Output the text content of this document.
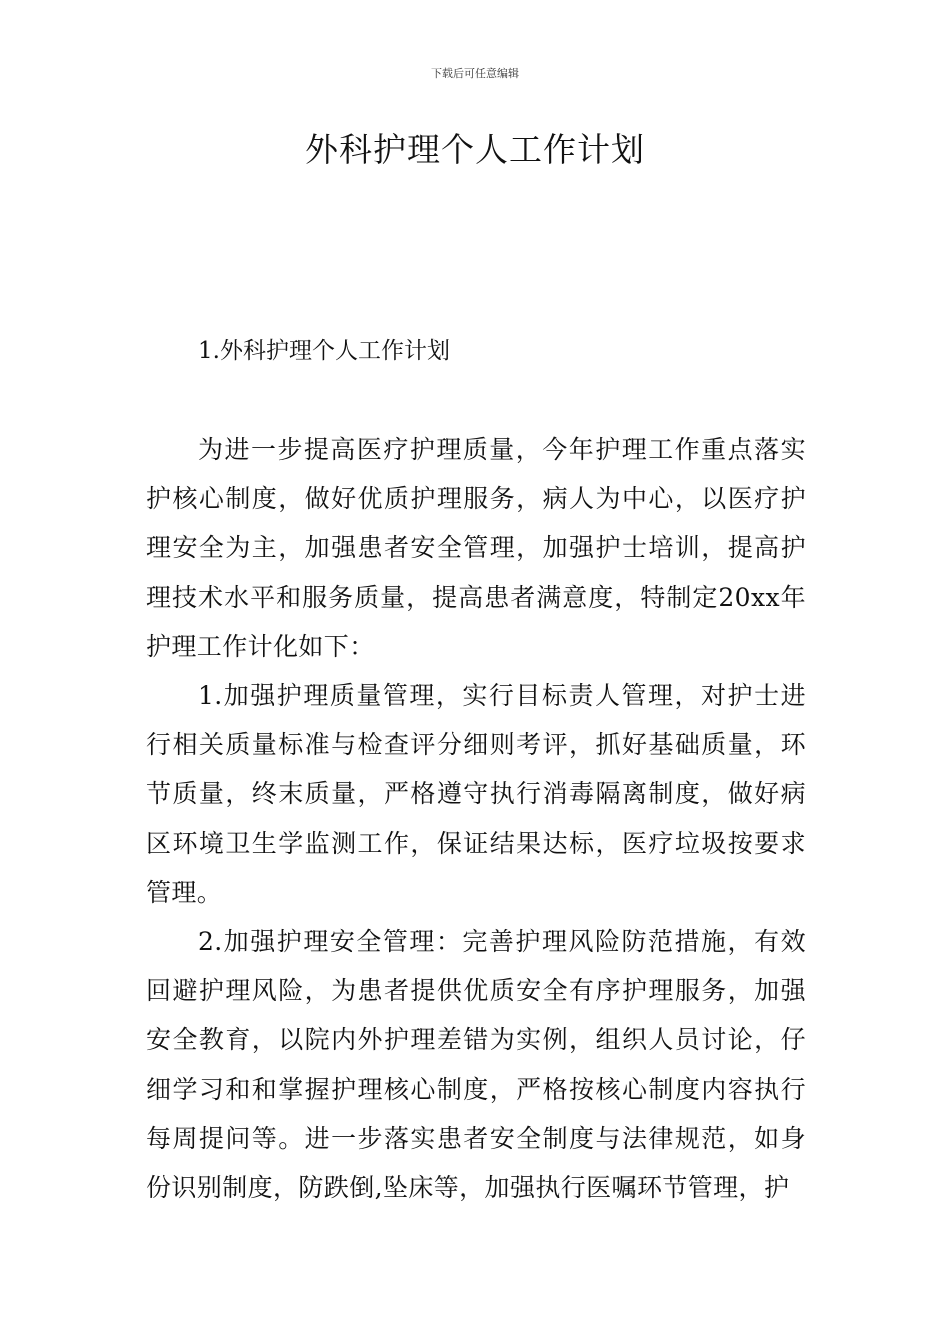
下载后可任意编辑
外科护理个人工作计划
1.外科护理个人工作计划

为进一步提高医疗护理质量，今年护理工作重点落实护核心制度，做好优质护理服务，病人为中心，以医疗护理安全为主，加强患者安全管理，加强护士培训，提高护理技术水平和服务质量，提高患者满意度，特制定20xx年护理工作计化如下：

1.加强护理质量管理，实行目标责人管理，对护士进行相关质量标准与检查评分细则考评，抓好基础质量，环节质量，终末质量，严格遵守执行消毒隔离制度，做好病区环境卫生学监测工作，保证结果达标，医疗垃圾按要求管理。

2.加强护理安全管理：完善护理风险防范措施，有效回避护理风险，为患者提供优质安全有序护理服务，加强安全教育，以院内外护理差错为实例，组织人员讨论，仔细学习和和掌握护理核心制度，严格按核心制度内容执行每周提问等。进一步落实患者安全制度与法律规范，如身份识别制度，防跌倒,坠床等，加强执行医嘱环节管理，护
